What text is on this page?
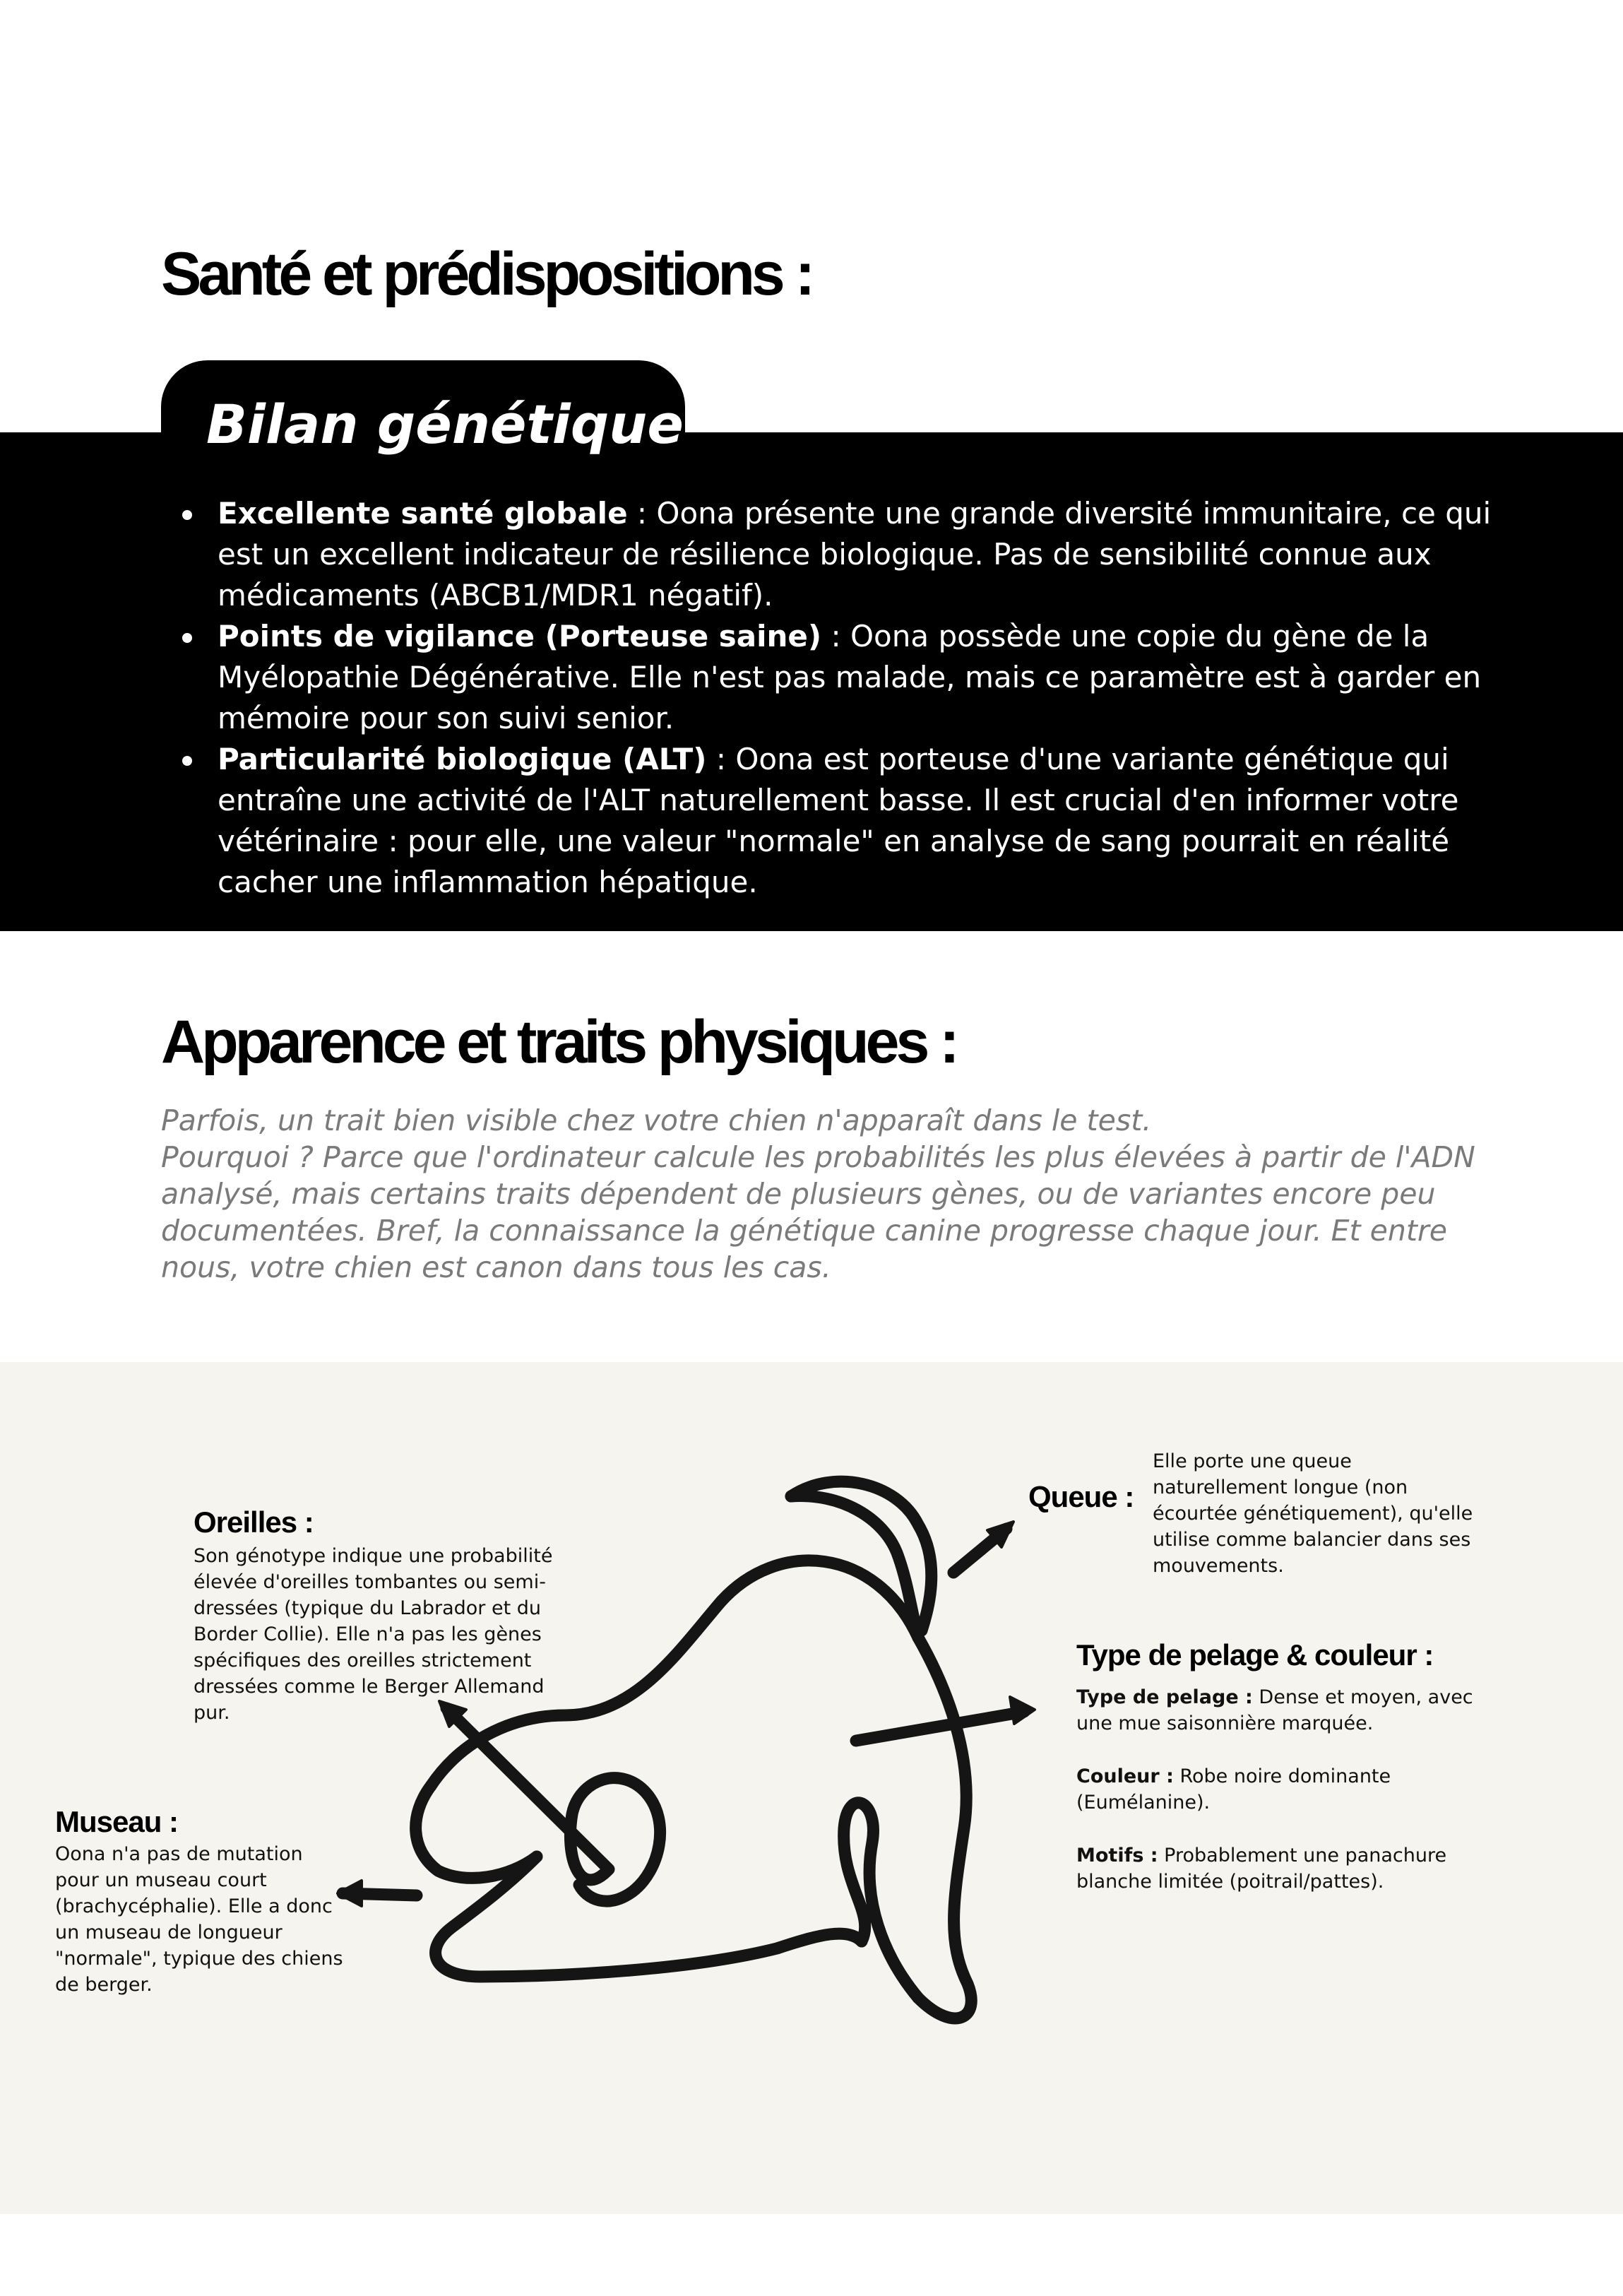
Santé et prédispositions :
Bilan génétique
Excellente santé globale : Oona présente une grande diversité immunitaire, ce qui est un excellent indicateur de résilience biologique. Pas de sensibilité connue aux médicaments (ABCB1/MDR1 négatif).
Points de vigilance (Porteuse saine) : Oona possède une copie du gène de la Myélopathie Dégénérative. Elle n'est pas malade, mais ce paramètre est à garder en mémoire pour son suivi senior.
Particularité biologique (ALT) : Oona est porteuse d'une variante génétique qui entraîne une activité de l'ALT naturellement basse. Il est crucial d'en informer votre vétérinaire : pour elle, une valeur "normale" en analyse de sang pourrait en réalité cacher une inflammation hépatique.
Apparence et traits physiques :

Parfois, un trait bien visible chez votre chien n'apparaît dans le test.
Pourquoi ? Parce que l'ordinateur calcule les probabilités les plus élevées à partir de l'ADN analysé, mais certains traits dépendent de plusieurs gènes, ou de variantes encore peu documentées. Bref, la connaissance la génétique canine progresse chaque jour. Et entre nous, votre chien est canon dans tous les cas.

Oreilles :

Son génotype indique une probabilité élevée d'oreilles tombantes ou semi-dressées (typique du Labrador et du Border Collie). Elle n'a pas les gènes spécifiques des oreilles strictement dressées comme le Berger Allemand pur.

Museau :

Oona n'a pas de mutation pour un museau court (brachycéphalie). Elle a donc un museau de longueur "normale", typique des chiens de berger.

Queue :

Elle porte une queue naturellement longue (non écourtée génétiquement), qu'elle utilise comme balancier dans ses mouvements.

Type de pelage & couleur :

Type de pelage : Dense et moyen, avec une mue saisonnière marquée.

Couleur : Robe noire dominante (Eumélanine).

Motifs : Probablement une panachure blanche limitée (poitrail/pattes).
